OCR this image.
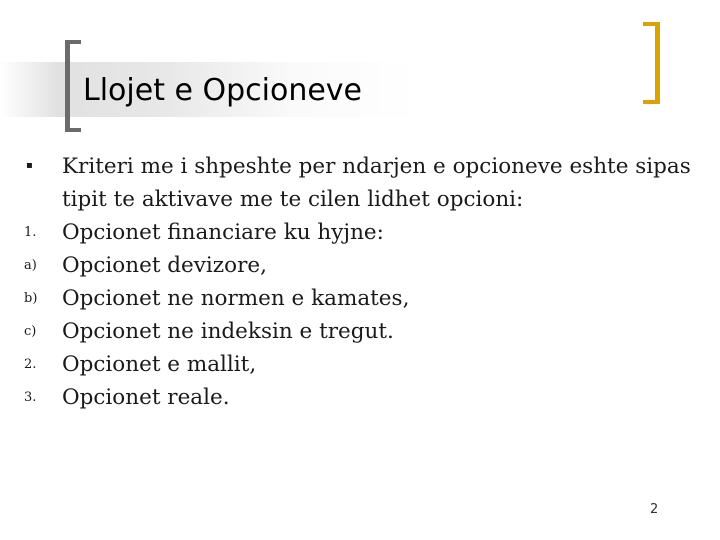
Llojet e Opcioneve
▪	Kriteri me i shpeshte per ndarjen e opcioneve eshte sipas tipit te aktivave me te cilen lidhet opcioni:
1.	Opcionet financiare ku hyjne:
a)	Opcionet devizore,
b)	Opcionet ne normen e kamates,
c)	Opcionet ne indeksin e tregut.
2.	Opcionet e mallit,
3.	Opcionet reale.
2
